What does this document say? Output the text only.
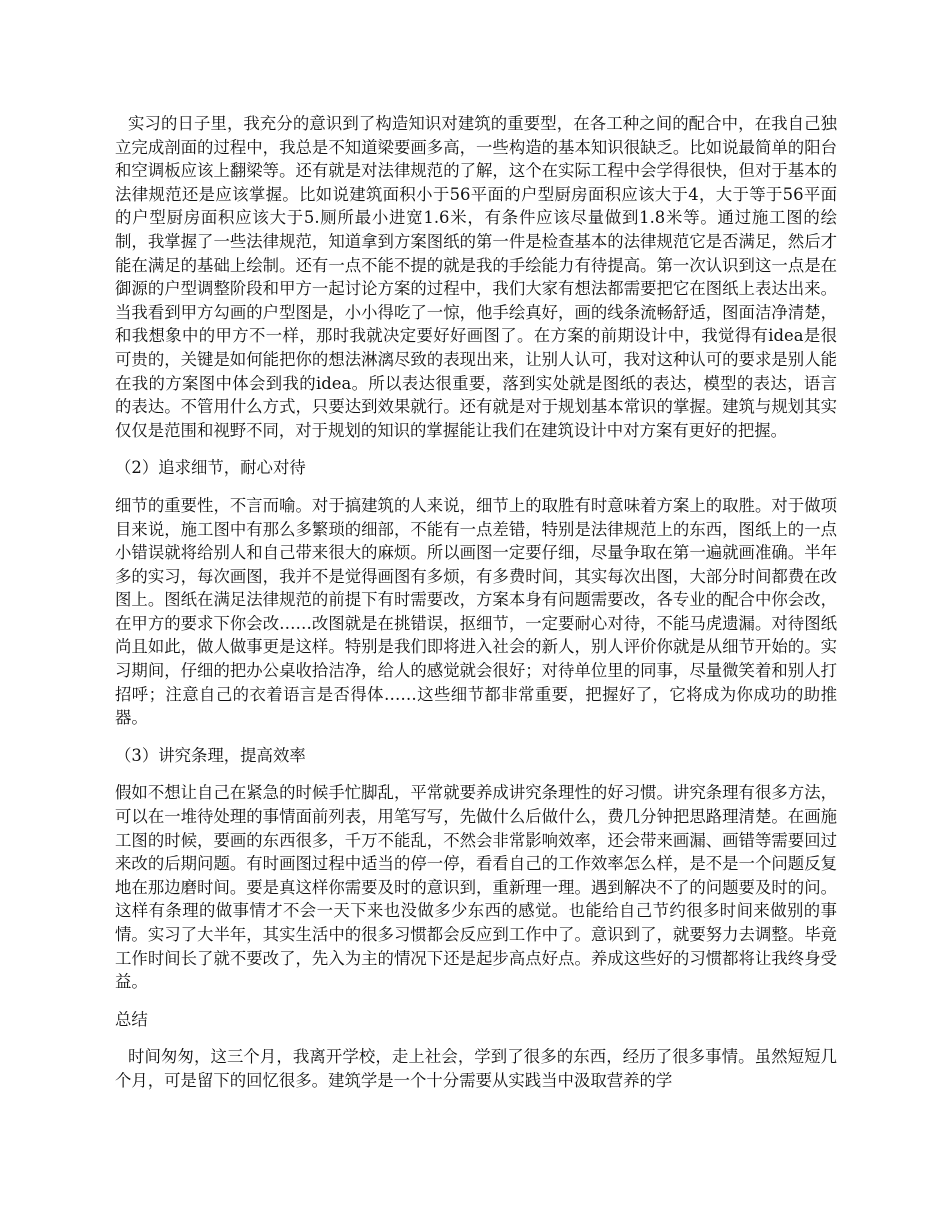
实习的日子里，我充分的意识到了构造知识对建筑的重要型，在各工种之间的配合中，在我自己独立完成剖面的过程中，我总是不知道梁要画多高，一些构造的基本知识很缺乏。比如说最简单的阳台和空调板应该上翻梁等。还有就是对法律规范的了解，这个在实际工程中会学得很快，但对于基本的法律规范还是应该掌握。比如说建筑面积小于56平面的户型厨房面积应该大于4，大于等于56平面的户型厨房面积应该大于5.厕所最小进宽1.6米，有条件应该尽量做到1.8米等。通过施工图的绘制，我掌握了一些法律规范，知道拿到方案图纸的第一件是检查基本的法律规范它是否满足，然后才能在满足的基础上绘制。还有一点不能不提的就是我的手绘能力有待提高。第一次认识到这一点是在御源的户型调整阶段和甲方一起讨论方案的过程中，我们大家有想法都需要把它在图纸上表达出来。当我看到甲方勾画的户型图是，小小得吃了一惊，他手绘真好，画的线条流畅舒适，图面洁净清楚，和我想象中的甲方不一样，那时我就决定要好好画图了。在方案的前期设计中，我觉得有idea是很可贵的，关键是如何能把你的想法淋漓尽致的表现出来，让别人认可，我对这种认可的要求是别人能在我的方案图中体会到我的idea。所以表达很重要，落到实处就是图纸的表达，模型的表达，语言的表达。不管用什么方式，只要达到效果就行。还有就是对于规划基本常识的掌握。建筑与规划其实仅仅是范围和视野不同，对于规划的知识的掌握能让我们在建筑设计中对方案有更好的把握。

（2）追求细节，耐心对待

细节的重要性，不言而喻。对于搞建筑的人来说，细节上的取胜有时意味着方案上的取胜。对于做项目来说，施工图中有那么多繁琐的细部，不能有一点差错，特别是法律规范上的东西，图纸上的一点小错误就将给别人和自己带来很大的麻烦。所以画图一定要仔细，尽量争取在第一遍就画准确。半年多的实习，每次画图，我并不是觉得画图有多烦，有多费时间，其实每次出图，大部分时间都费在改图上。图纸在满足法律规范的前提下有时需要改，方案本身有问题需要改，各专业的配合中你会改，在甲方的要求下你会改……改图就是在挑错误，抠细节，一定要耐心对待，不能马虎遗漏。对待图纸尚且如此，做人做事更是这样。特别是我们即将进入社会的新人，别人评价你就是从细节开始的。实习期间，仔细的把办公桌收拾洁净，给人的感觉就会很好；对待单位里的同事，尽量微笑着和别人打招呼；注意自己的衣着语言是否得体……这些细节都非常重要，把握好了，它将成为你成功的助推器。

（3）讲究条理，提高效率

假如不想让自己在紧急的时候手忙脚乱，平常就要养成讲究条理性的好习惯。讲究条理有很多方法，可以在一堆待处理的事情面前列表，用笔写写，先做什么后做什么，费几分钟把思路理清楚。在画施工图的时候，要画的东西很多，千万不能乱，不然会非常影响效率，还会带来画漏、画错等需要回过来改的后期问题。有时画图过程中适当的停一停，看看自己的工作效率怎么样，是不是一个问题反复地在那边磨时间。要是真这样你需要及时的意识到，重新理一理。遇到解决不了的问题要及时的问。这样有条理的做事情才不会一天下来也没做多少东西的感觉。也能给自己节约很多时间来做别的事情。实习了大半年，其实生活中的很多习惯都会反应到工作中了。意识到了，就要努力去调整。毕竟工作时间长了就不要改了，先入为主的情况下还是起步高点好点。养成这些好的习惯都将让我终身受益。

总结

时间匆匆，这三个月，我离开学校，走上社会，学到了很多的东西，经历了很多事情。虽然短短几个月，可是留下的回忆很多。建筑学是一个十分需要从实践当中汲取营养的学
